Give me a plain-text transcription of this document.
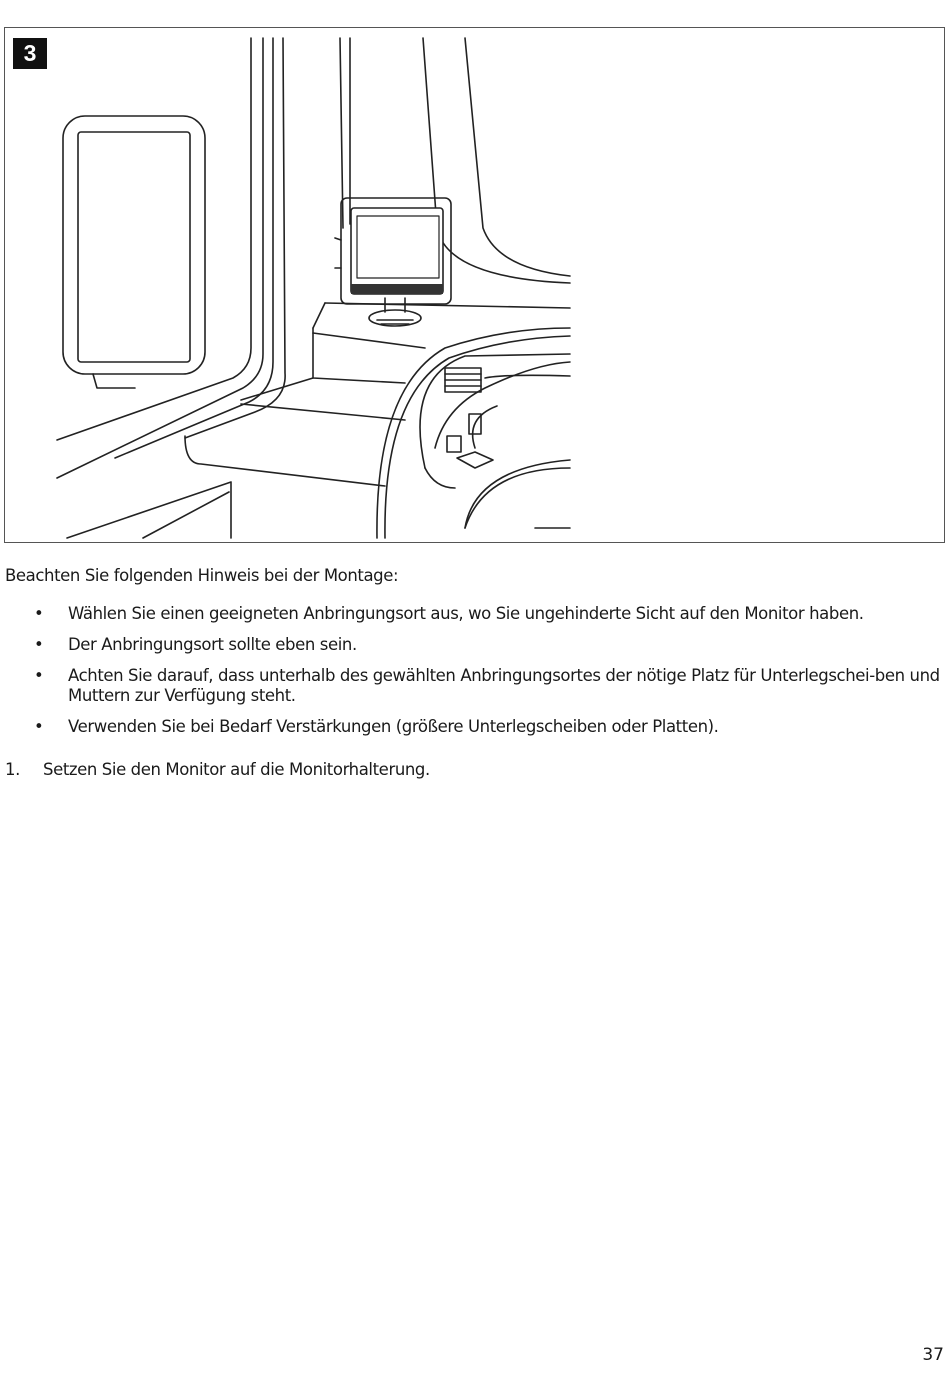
3
Beachten Sie folgenden Hinweis bei der Montage:
• Wählen Sie einen geeigneten Anbringungsort aus, wo Sie ungehinderte Sicht auf den Monitor haben.
• Der Anbringungsort sollte eben sein.
• Achten Sie darauf, dass unterhalb des gewählten Anbringungsortes der nötige Platz für Unterlegschei-ben und Muttern zur Verfügung steht.
• Verwenden Sie bei Bedarf Verstärkungen (größere Unterlegscheiben oder Platten).
1. Setzen Sie den Monitor auf die Monitorhalterung.
37
